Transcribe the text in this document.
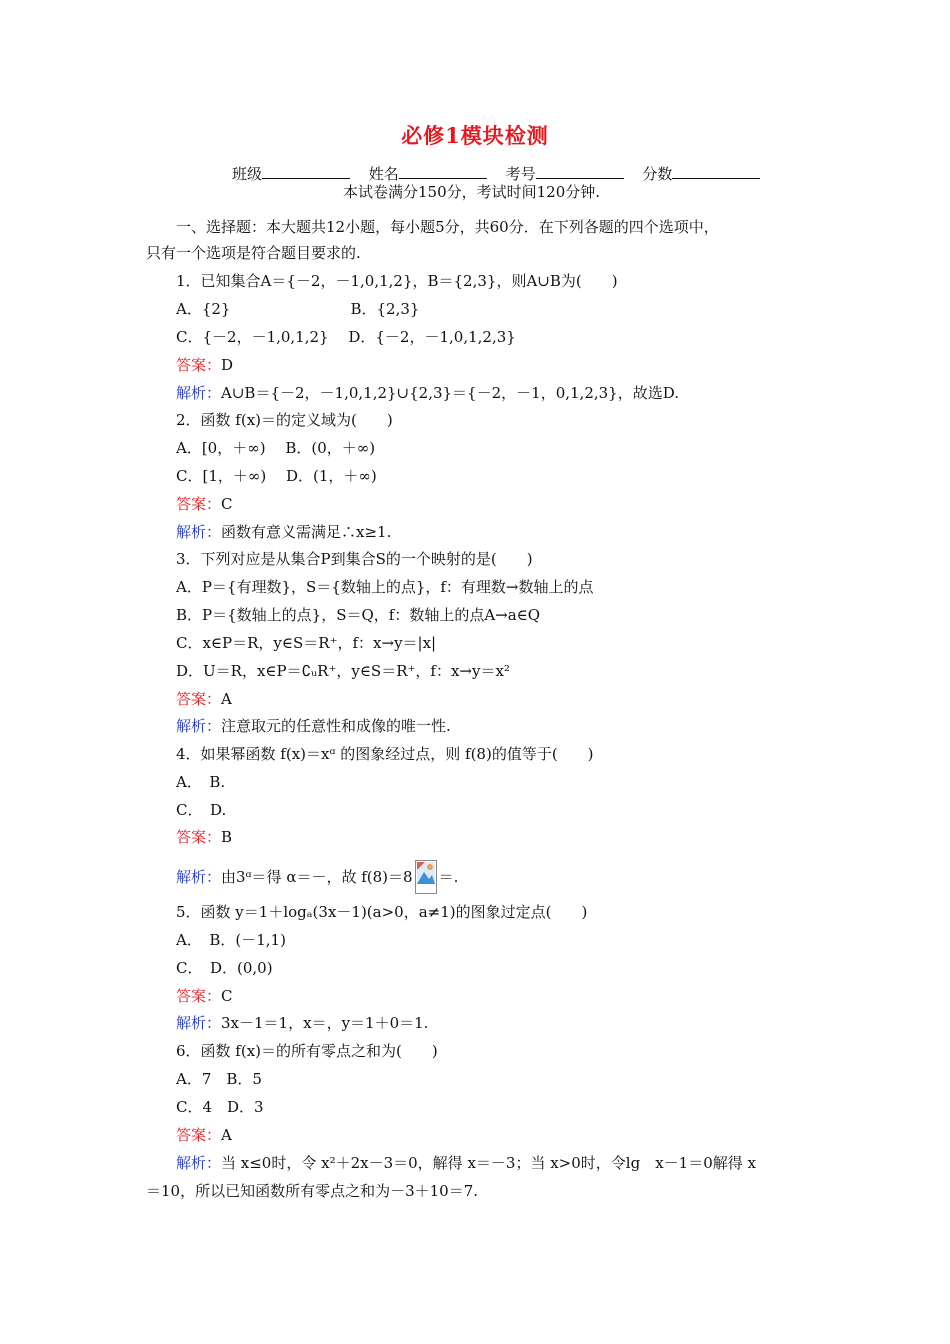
必修1模块检测
班级	姓名	考号	分数
本试卷满分150分，考试时间120分钟.
一、选择题：本大题共12小题，每小题5分，共60分．在下列各题的四个选项中，
只有一个选项是符合题目要求的.
1．已知集合A＝{－2，－1,0,1,2}，B＝{2,3}，则A∪B为(　　)
A．{2}　　　　　　　　B．{2,3}
C．{－2，－1,0,1,2}　 D．{－2，－1,0,1,2,3}
答案：D
解析：A∪B＝{－2，－1,0,1,2}∪{2,3}＝{－2，－1，0,1,2,3}，故选D.
2．函数 f(x)＝的定义域为(　　)
A．[0，＋∞)　 B．(0，＋∞)
C．[1，＋∞)　 D．(1，＋∞)
答案：C
解析：函数有意义需满足∴x≥1.
3．下列对应是从集合P到集合S的一个映射的是(　　)
A．P＝{有理数}，S＝{数轴上的点}，f：有理数→数轴上的点
B．P＝{数轴上的点}，S＝Q，f：数轴上的点A→a∈Q
C．x∈P＝R，y∈S＝R⁺，f：x→y＝|x|
D．U＝R，x∈P＝∁ᵤR⁺，y∈S＝R⁺，f：x→y＝x²
答案：A
解析：注意取元的任意性和成像的唯一性.
4．如果幂函数 f(x)＝xᵅ 的图象经过点，则 f(8)的值等于(　　)
A．　B.
C．　D.
答案：B
解析：由3ᵅ＝得 α＝－，故 f(8)＝8 ＝.
5．函数 y＝1＋logₐ(3x－1)(a>0，a≠1)的图象过定点(　　)
A．　B．(－1,1)
C．　D．(0,0)
答案：C
解析：3x－1＝1，x＝，y＝1＋0＝1.
6．函数 f(x)＝的所有零点之和为(　　)
A．7　B．5
C．4　D．3
答案：A
解析：当 x≤0时，令 x²＋2x－3＝0，解得 x＝－3；当 x>0时，令lg　x－1＝0解得 x
＝10，所以已知函数所有零点之和为－3＋10＝7.
